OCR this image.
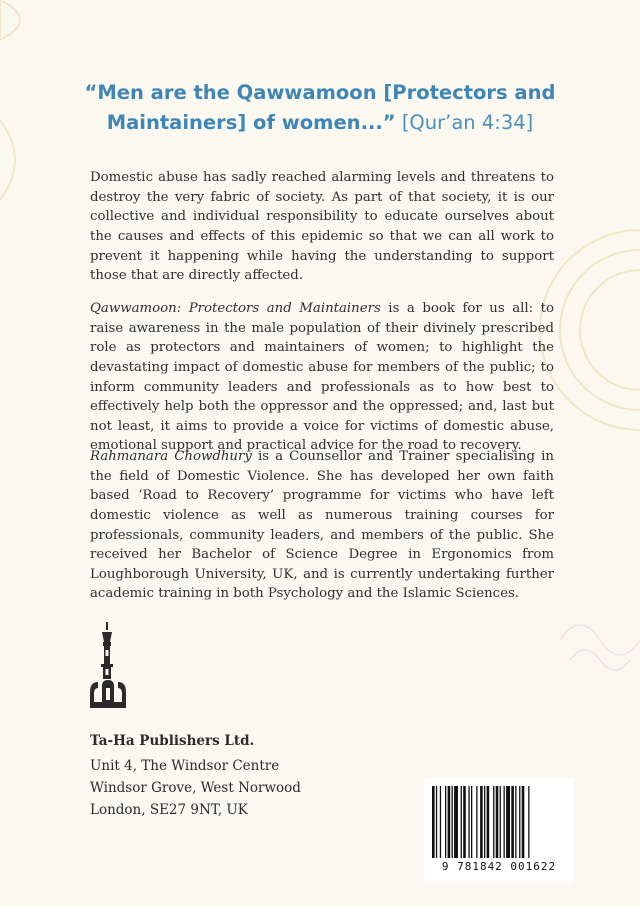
“Men are the Qawwamoon [Protectors and
Maintainers] of women...” [Qur’an 4:34]

Domestic abuse has sadly reached alarming levels and threatens to destroy the very fabric of society. As part of that society, it is our collective and individual responsibility to educate ourselves about the causes and effects of this epidemic so that we can all work to prevent it happening while having the understanding to support those that are directly affected.

Qawwamoon: Protectors and Maintainers is a book for us all: to raise awareness in the male population of their divinely prescribed role as protectors and maintainers of women; to highlight the devastating impact of domestic abuse for members of the public; to inform community leaders and professionals as to how best to effectively help both the oppressor and the oppressed; and, last but not least, it aims to provide a voice for victims of domestic abuse, emotional support and practical advice for the road to recovery.

Rahmanara Chowdhury is a Counsellor and Trainer specialising in the field of Domestic Violence. She has developed her own faith based ‘Road to Recovery’ programme for victims who have left domestic violence as well as numerous training courses for professionals, community leaders, and members of the public. She received her Bachelor of Science Degree in Ergonomics from Loughborough University, UK, and is currently undertaking further academic training in both Psychology and the Islamic Sciences.

Ta-Ha Publishers Ltd.
Unit 4, The Windsor Centre
Windsor Grove, West Norwood
London, SE27 9NT, UK
9 781842 001622
